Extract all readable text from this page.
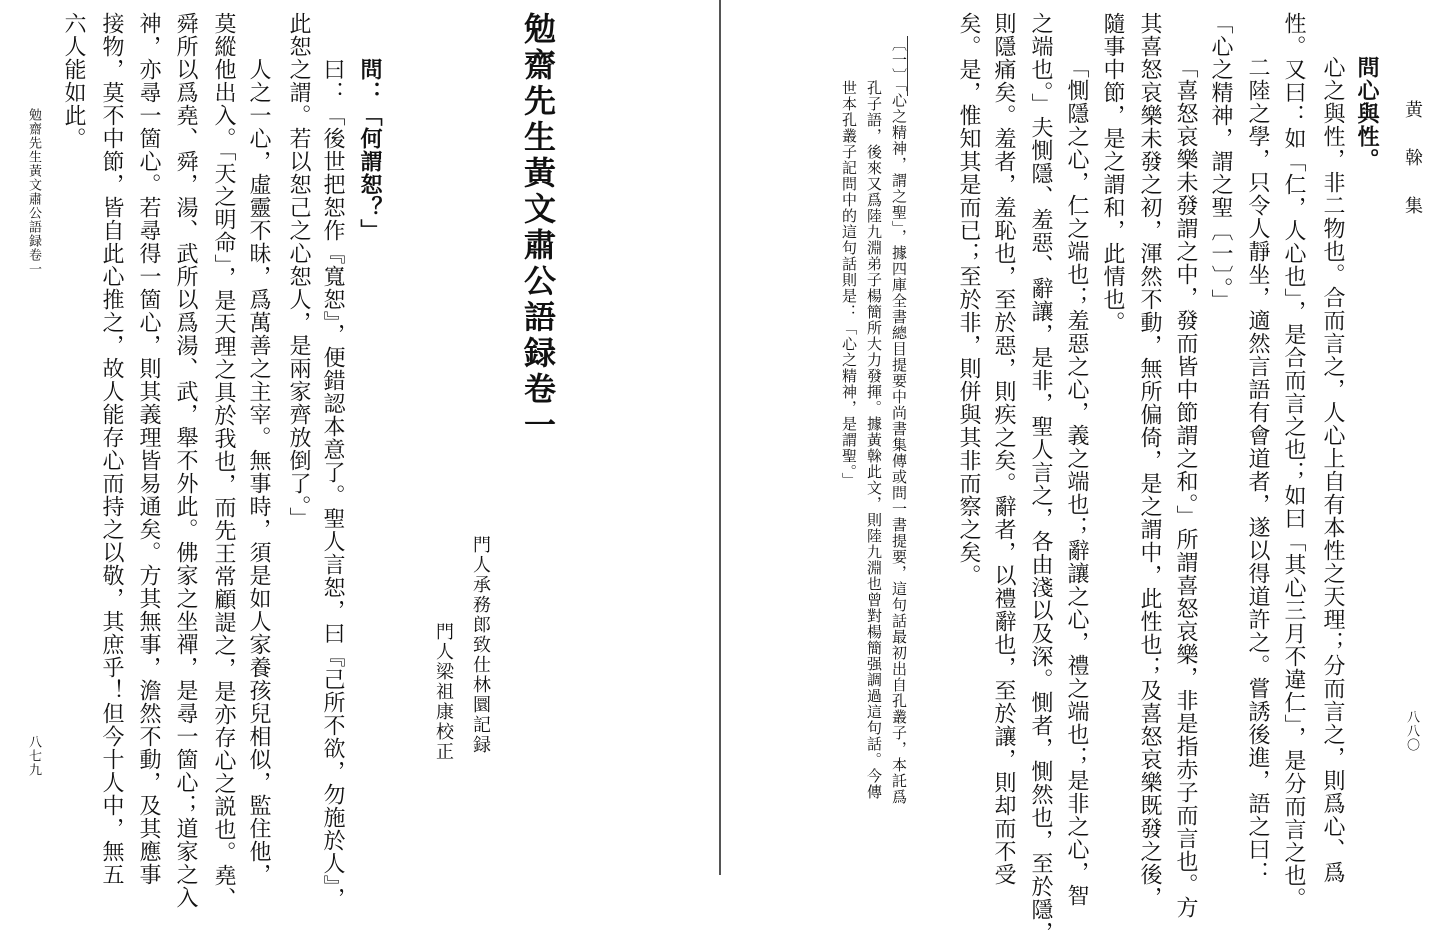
勉齋先生黃文肅公語録卷一
門人承務郎致仕林圜記録
門人梁祖康校正
問：「何謂恕？」
曰：「後世把恕作『寬恕』，便錯認本意了。聖人言恕，曰『己所不欲，勿施於人』，
此恕之謂。若以恕己之心恕人，是兩家齊放倒了。」
人之一心，虛靈不昧，爲萬善之主宰。無事時，須是如人家養孩兒相似，監住他，
莫縱他出入。「天之明命」，是天理之具於我也，而先王常顧諟之，是亦存心之説也。堯、
舜所以爲堯、舜，湯、武所以爲湯、武，舉不外此。佛家之坐禪，是尋一箇心；道家之入
神，亦尋一箇心。若尋得一箇心，則其義理皆易通矣。方其無事，澹然不動，及其應事
接物，莫不中節，皆自此心推之，故人能存心而持之以敬，其庶乎！但今十人中，無五
六人能如此。
勉齋先生黃文肅公語録卷一
八七九
黄　榦　集
八八〇
問心與性。
心之與性，非二物也。合而言之，人心上自有本性之天理；分而言之，則爲心、爲
性。又曰：如「仁，人心也」，是合而言之也；如曰「其心三月不違仁」，是分而言之也。
二陸之學，只令人靜坐，適然言語有會道者，遂以得道許之。嘗誘後進，語之曰：
「心之精神，謂之聖〔一〕。」
「喜怒哀樂未發謂之中，發而皆中節謂之和。」所謂喜怒哀樂，非是指赤子而言也。方
其喜怒哀樂未發之初，渾然不動，無所偏倚，是之謂中，此性也；及喜怒哀樂既發之後，
隨事中節，是之謂和，此情也。
「惻隱之心，仁之端也；羞惡之心，義之端也；辭讓之心，禮之端也；是非之心，智
之端也。」夫惻隱、羞惡、辭讓，是非，聖人言之，各由淺以及深。惻者，惻然也，至於隱，
則隱痛矣。羞者，羞恥也，至於惡，則疾之矣。辭者，以禮辭也，至於讓，則却而不受
矣。是，惟知其是而已；至於非，則併與其非而察之矣。
〔一〕「心之精神，謂之聖」，據四庫全書總目提要中尚書集傳或問一書提要，這句話最初出自孔叢子，本託爲
孔子語，後來又爲陸九淵弟子楊簡所大力發揮。據黃榦此文，則陸九淵也曾對楊簡强調過這句話。今傳
世本孔叢子記問中的這句話則是：「心之精神，是謂聖。」
